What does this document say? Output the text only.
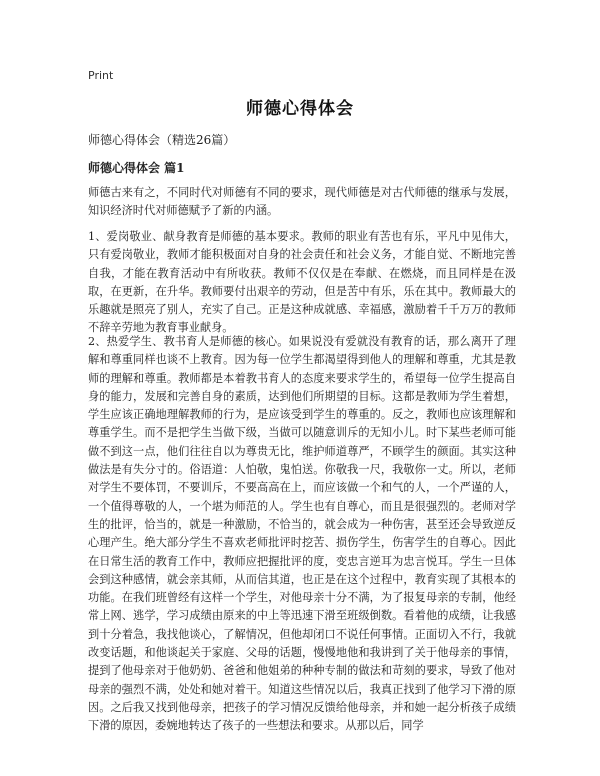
Print
师德心得体会
师德心得体会（精选26篇）
师德心得体会 篇1
师德古来有之，不同时代对师德有不同的要求，现代师德是对古代师德的继承与发展，知识经济时代对师德赋予了新的内涵。
1、爱岗敬业、献身教育是师德的基本要求。教师的职业有苦也有乐，平凡中见伟大，只有爱岗敬业，教师才能积极面对自身的社会责任和社会义务，才能自觉、不断地完善自我，才能在教育活动中有所收获。教师不仅仅是在奉献、在燃烧，而且同样是在汲取，在更新，在升华。教师要付出艰辛的劳动，但是苦中有乐，乐在其中。教师最大的乐趣就是照亮了别人，充实了自己。正是这种成就感、幸福感，激励着千千万万的教师不辞辛劳地为教育事业献身。
2、热爱学生、教书育人是师德的核心。如果说没有爱就没有教育的话，那么离开了理解和尊重同样也谈不上教育。因为每一位学生都渴望得到他人的理解和尊重，尤其是教师的理解和尊重。教师都是本着教书育人的态度来要求学生的，希望每一位学生提高自身的能力，发展和完善自身的素质，达到他们所期望的目标。这都是教师为学生着想，学生应该正确地理解教师的行为，是应该受到学生的尊重的。反之，教师也应该理解和尊重学生。而不是把学生当做下级，当做可以随意训斥的无知小儿。时下某些老师可能做不到这一点，他们往往自以为尊贵无比，维护师道尊严，不顾学生的颜面。其实这种做法是有失分寸的。俗语道：人怕敬，鬼怕送。你敬我一尺，我敬你一丈。所以，老师对学生不要体罚，不要训斥，不要高高在上，而应该做一个和气的人，一个严谨的人，一个值得尊敬的人，一个堪为师范的人。学生也有自尊心，而且是很强烈的。老师对学生的批评，恰当的，就是一种激励，不恰当的，就会成为一种伤害，甚至还会导致逆反心理产生。绝大部分学生不喜欢老师批评时挖苦、损伤学生，伤害学生的自尊心。因此在日常生活的教育工作中，教师应把握批评的度，变忠言逆耳为忠言悦耳。学生一旦体会到这种感情，就会亲其师，从而信其道，也正是在这个过程中，教育实现了其根本的功能。在我们班曾经有这样一个学生，对他母亲十分不满，为了报复母亲的专制，他经常上网、逃学，学习成绩由原来的中上等迅速下滑至班级倒数。看着他的成绩，让我感到十分着急，我找他谈心，了解情况，但他却闭口不说任何事情。正面切入不行，我就改变话题，和他谈起关于家庭、父母的话题，慢慢地他和我讲到了关于他母亲的事情，提到了他母亲对于他奶奶、爸爸和他姐弟的种种专制的做法和苛刻的要求，导致了他对母亲的强烈不满，处处和她对着干。知道这些情况以后，我真正找到了他学习下滑的原因。之后我又找到他母亲，把孩子的学习情况反馈给他母亲，并和她一起分析孩子成绩下滑的原因，委婉地转达了孩子的一些想法和要求。从那以后，同学
